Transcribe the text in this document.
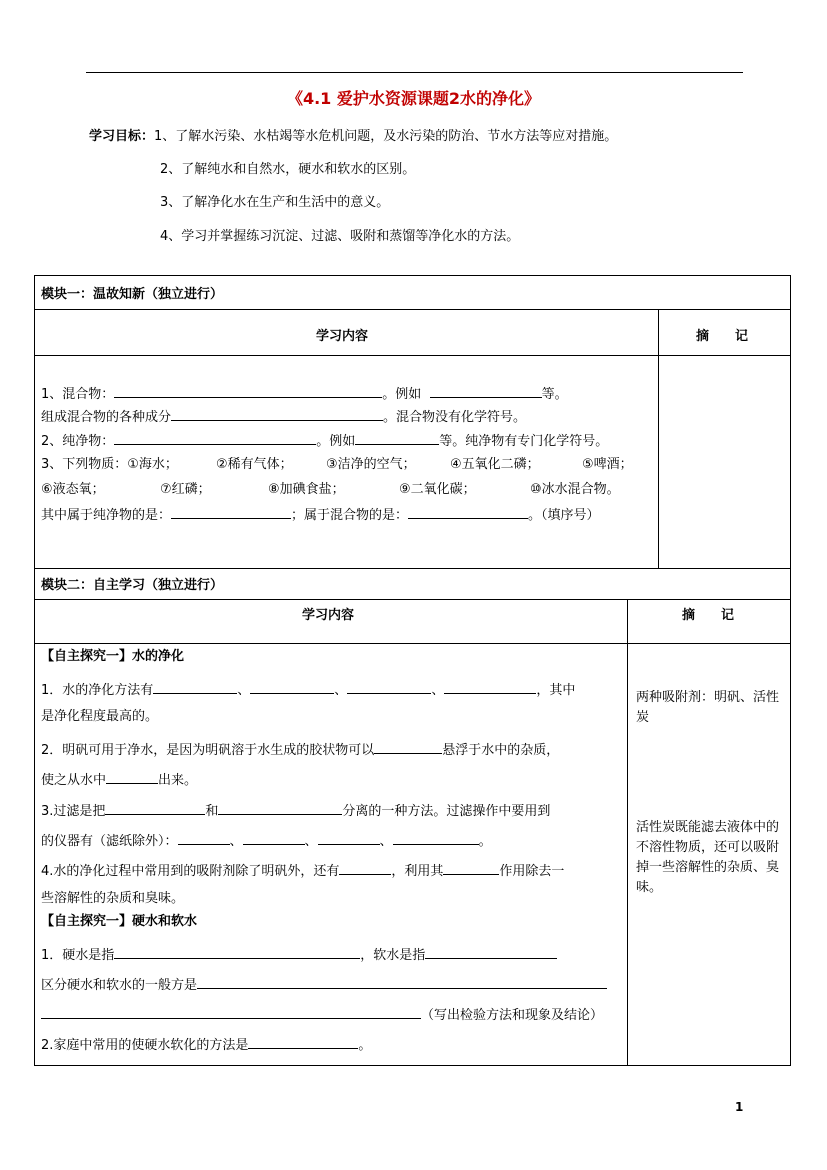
《4.1 爱护水资源课题2水的净化》
学习目标：1、了解水污染、水枯竭等水危机问题，及水污染的防治、节水方法等应对措施。
2、了解纯水和自然水，硬水和软水的区别。
3、了解净化水在生产和生活中的意义。
4、学习并掌握练习沉淀、过滤、吸附和蒸馏等净化水的方法。
模块一：温故知新（独立进行）
学习内容	摘　　记
1、混合物：	。例如	等。
组成混合物的各种成分	。混合物没有化学符号。
2、纯净物：	。例如	等。纯净物有专门化学符号。
3、下列物质：①海水；	②稀有气体；	③洁净的空气；	④五氧化二磷；	⑤啤酒；
⑥液态氧；	⑦红磷；	⑧加碘食盐；	⑨二氧化碳；	⑩冰水混合物。
其中属于纯净物的是：	；属于混合物的是：	。（填序号）
模块二：自主学习（独立进行）
学习内容	摘　　记
【自主探究一】水的净化
1．水的净化方法有	、	、	、	，其中
是净化程度最高的。
2．明矾可用于净水，是因为明矾溶于水生成的胶状物可以	悬浮于水中的杂质，
使之从水中	出来。
3.过滤是把	和	分离的一种方法。过滤操作中要用到
的仪器有（滤纸除外）：	、	、	、	。
4.水的净化过程中常用到的吸附剂除了明矾外，还有	，利用其	作用除去一
些溶解性的杂质和臭味。
【自主探究一】硬水和软水
1．硬水是指	，软水是指
区分硬水和软水的一般方是
（写出检验方法和现象及结论）
2.家庭中常用的使硬水软化的方法是	。
两种吸附剂：明矾、活性炭
活性炭既能滤去液体中的不溶性物质，还可以吸附掉一些溶解性的杂质、臭味。
1
